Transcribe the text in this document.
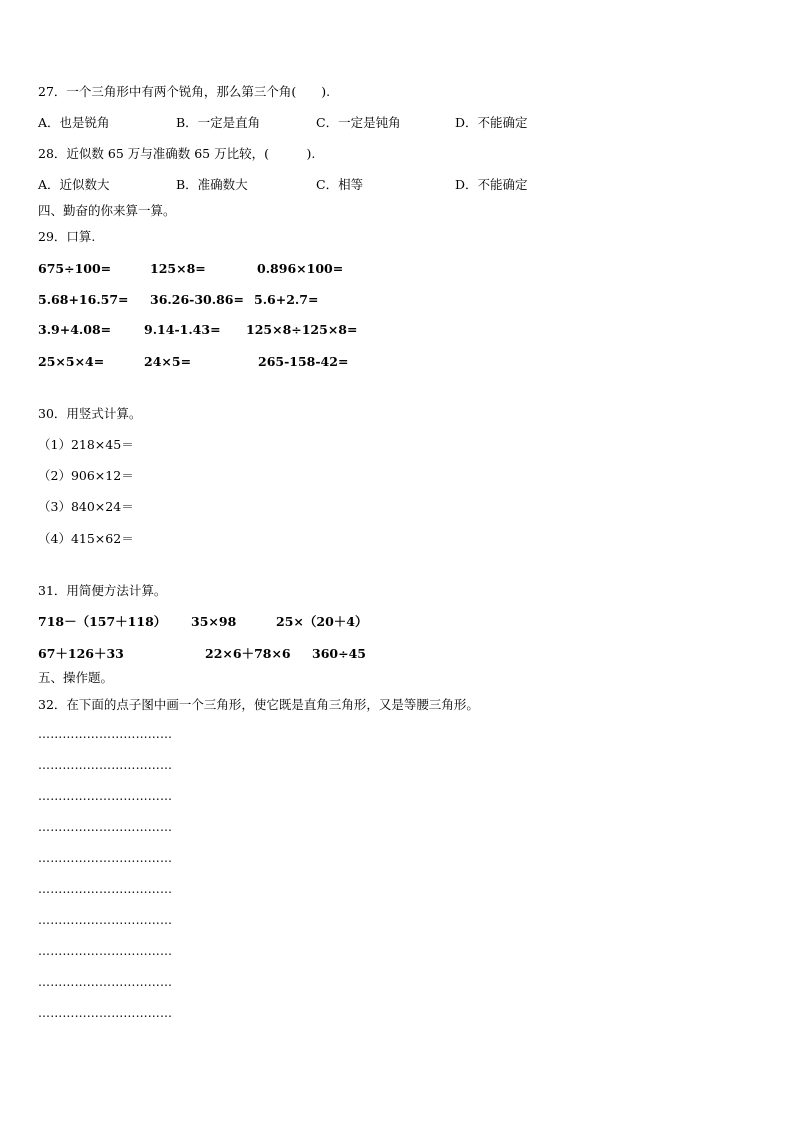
27．一个三角形中有两个锐角，那么第三个角(　　).
A．也是锐角	B．一定是直角	C．一定是钝角	D．不能确定
28．近似数 65 万与准确数 65 万比较，(　　　).
A．近似数大	B．准确数大	C．相等	D．不能确定
四、勤奋的你来算一算。
29．口算.
675÷100=	125×8=	0.896×100=
5.68+16.57= 36.26-30.86= 5.6+2.7=
3.9+4.08=	9.14-1.43= 125×8÷125×8=
25×5×4=	24×5=	265-158-42=
30．用竖式计算。
（1）218×45＝
（2）906×12＝
（3）840×24＝
（4）415×62＝
31．用简便方法计算。
718－（157＋118） 35×98	25×（20＋4）
67＋126＋33	22×6＋78×6 360÷45
五、操作题。
32．在下面的点子图中画一个三角形，使它既是直角三角形，又是等腰三角形。
……………………………
……………………………
……………………………
……………………………
……………………………
……………………………
……………………………
……………………………
……………………………
……………………………
